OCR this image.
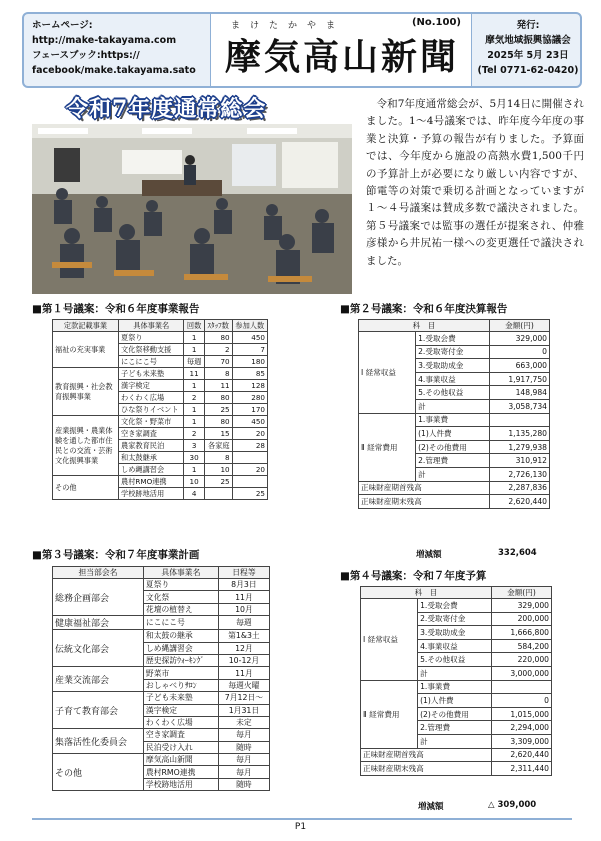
ホームページ:
http://make-takayama.com
フェースブック:https://
facebook/make.takayama.sato
まけたかやま	(No.100)
摩気高山新聞
発行:
摩気地域振興協議会
2025年 5月 23日
(Tel 0771-62-0420)
令和7年度通常総会	令和7年度通常総会が、5月14日に開催されました。1～4号議案では、昨年度今年度の事業と決算・予算の報告が有りました。予算面では、今年度から施設の高熱水費1,500千円の予算計上が必要になり厳しい内容ですが、節電等の対策で乗切る計画となっていますが１～４号議案は賛成多数で議決されました。第５号議案では監事の選任が提案され、仲雅彦様から井尻祐一様への変更選任で議決されました。
■第１号議案：令和６年度事業報告	■第２号議案：令和６年度決算報告
■第３号議案：令和７年度事業計画
■第４号議案：令和７年度予算
定款記載事業	具体事業名	回数	ｽﾀｯﾌ数	参加人数
福祉の充実事業	夏祭り	1	80	450
	文化祭移動支援	1	2	7
	にこにこ号	毎週	70	180
教育振興・社会教育振興事業	子ども未来塾	11	8	85
	漢字検定	1	11	128
	わくわく広場	2	80	280
	ひな祭りイベント	1	25	170
産業振興・農業体験を通した都市住民との交流・芸術文化振興事業	文化祭・野菜市	1	80	450
	空き家調査	2	15	20
	農家教育民泊	3	各家庭	28
	和太鼓継承	30	8	
	しめ縄講習会	1	10	20
その他	農村RMO連携	10	25	
	学校跡地活用	4		25
科　目		金額(円)
Ⅰ 経常収益	1.受取会費	329,000
	2.受取寄付金	0
	3.受取助成金	663,000
	4.事業収益	1,917,750
	5.その他収益	148,984
	計	3,058,734
Ⅱ 経常費用	1.事業費	
	(1)人件費	1,135,280
	(2)その他費用	1,279,938
	2.管理費	310,912
	計	2,726,130
正味財産期首残高		2,287,836
正味財産期末残高		2,620,440
増減額	332,604
担当部会名	具体事業名	日程等
総務企画部会	夏祭り	8月3日
	文化祭	11月
	花壇の植替え	10月
健康福祉部会	にこにこ号	毎週
伝統文化部会	和太鼓の継承	第1&3土
	しめ縄講習会	12月
	歴史探訪ｳｫｰｷﾝｸﾞ	10-12月
産業交流部会	野菜市	11月
	おしゃべりｻﾛﾝ	毎週火曜
子育て教育部会	子ども未来塾	7月12日～
	漢字検定	1月31日
	わくわく広場	未定
集落活性化委員会	空き家調査	毎月
	民泊受け入れ	随時
その他	摩気高山新聞	毎月
	農村RMO連携	毎月
	学校跡地活用	随時
科　目		金額(円)
Ⅰ 経常収益	1.受取会費	329,000
	2.受取寄付金	200,000
	3.受取助成金	1,666,800
	4.事業収益	584,200
	5.その他収益	220,000
	計	3,000,000
Ⅱ 経常費用	1.事業費	
	(1)人件費	0
	(2)その他費用	1,015,000
	2.管理費	2,294,000
	計	3,309,000
正味財産期首残高		2,620,440
正味財産期末残高		2,311,440
増減額	△ 309,000
P1
